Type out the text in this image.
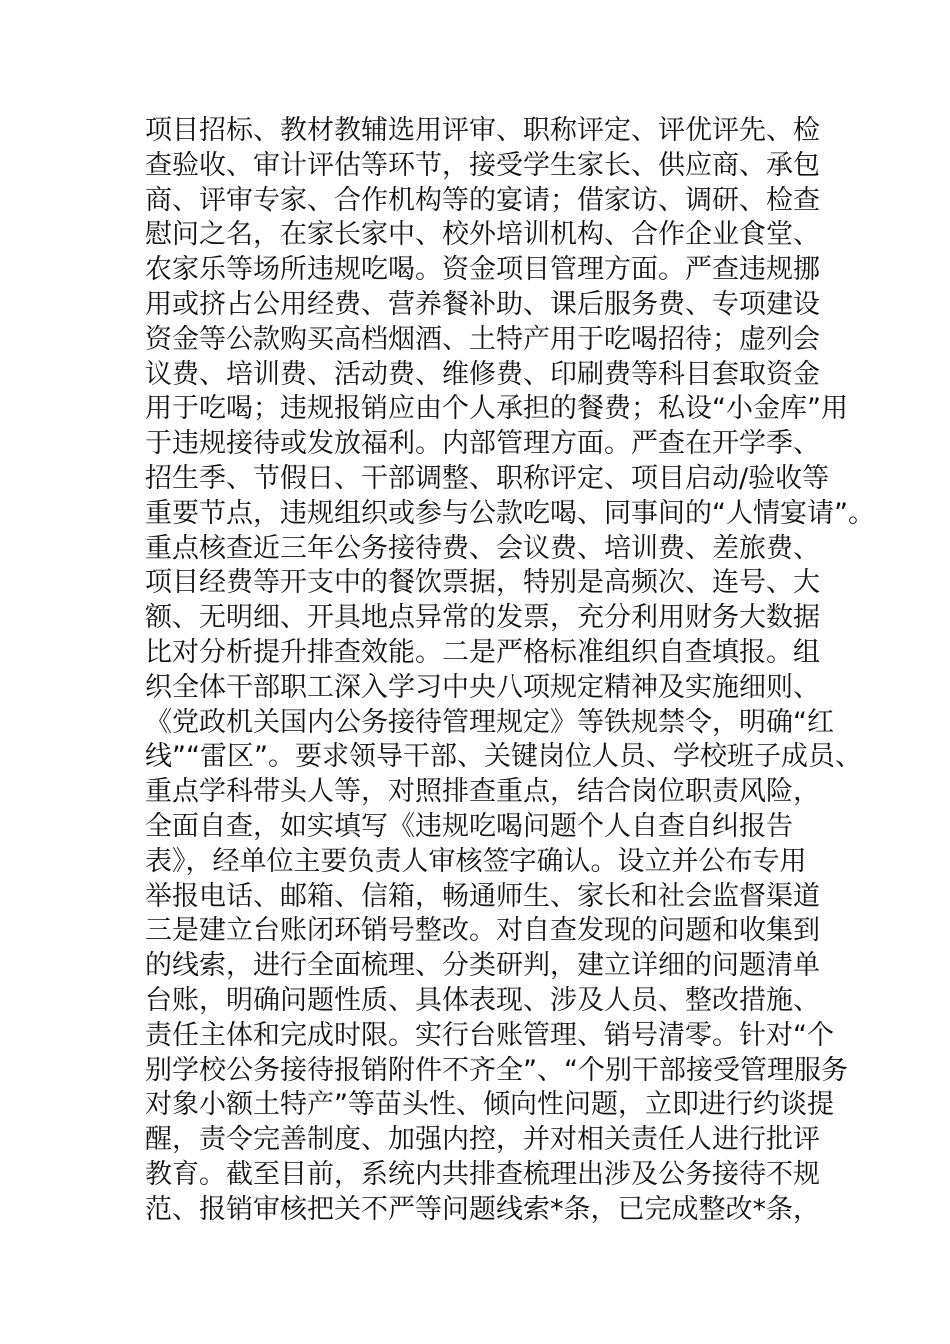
项目招标、教材教辅选用评审、职称评定、评优评先、检
查验收、审计评估等环节，接受学生家长、供应商、承包
商、评审专家、合作机构等的宴请；借家访、调研、检查
慰问之名，在家长家中、校外培训机构、合作企业食堂、
农家乐等场所违规吃喝。资金项目管理方面。严查违规挪
用或挤占公用经费、营养餐补助、课后服务费、专项建设
资金等公款购买高档烟酒、土特产用于吃喝招待；虚列会
议费、培训费、活动费、维修费、印刷费等科目套取资金
用于吃喝；违规报销应由个人承担的餐费；私设“小金库”用
于违规接待或发放福利。内部管理方面。严查在开学季、
招生季、节假日、干部调整、职称评定、项目启动/验收等
重要节点，违规组织或参与公款吃喝、同事间的“人情宴请”。
重点核查近三年公务接待费、会议费、培训费、差旅费、
项目经费等开支中的餐饮票据，特别是高频次、连号、大
额、无明细、开具地点异常的发票，充分利用财务大数据
比对分析提升排查效能。二是严格标准组织自查填报。组
织全体干部职工深入学习中央八项规定精神及实施细则、
《党政机关国内公务接待管理规定》等铁规禁令，明确“红
线”“雷区”。要求领导干部、关键岗位人员、学校班子成员、
重点学科带头人等，对照排查重点，结合岗位职责风险，
全面自查，如实填写《违规吃喝问题个人自查自纠报告
表》，经单位主要负责人审核签字确认。设立并公布专用
举报电话、邮箱、信箱，畅通师生、家长和社会监督渠道
三是建立台账闭环销号整改。对自查发现的问题和收集到
的线索，进行全面梳理、分类研判，建立详细的问题清单
台账，明确问题性质、具体表现、涉及人员、整改措施、
责任主体和完成时限。实行台账管理、销号清零。针对“个
别学校公务接待报销附件不齐全”、“个别干部接受管理服务
对象小额土特产”等苗头性、倾向性问题，立即进行约谈提
醒，责令完善制度、加强内控，并对相关责任人进行批评
教育。截至目前，系统内共排查梳理出涉及公务接待不规
范、报销审核把关不严等问题线索*条，已完成整改*条，
